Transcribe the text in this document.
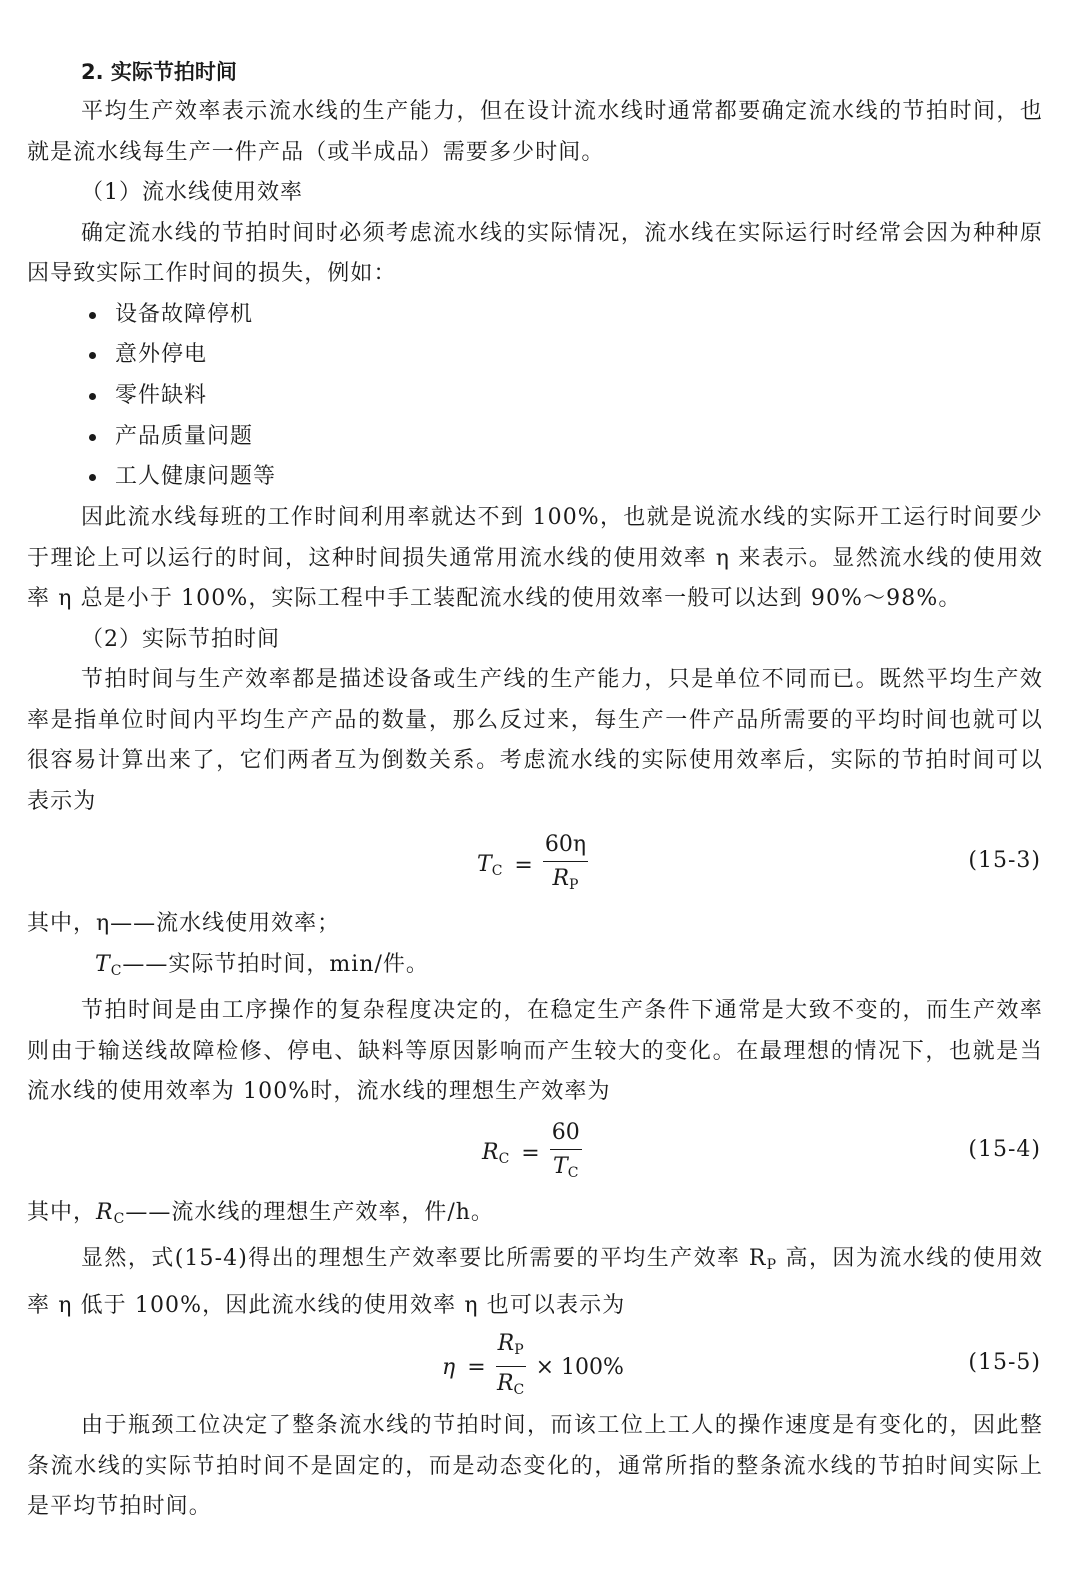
2. 实际节拍时间

平均生产效率表示流水线的生产能力，但在设计流水线时通常都要确定流水线的节拍时间，也就是流水线每生产一件产品（或半成品）需要多少时间。

（1）流水线使用效率

确定流水线的节拍时间时必须考虑流水线的实际情况，流水线在实际运行时经常会因为种种原因导致实际工作时间的损失，例如：

设备故障停机

意外停电

零件缺料

产品质量问题

工人健康问题等

因此流水线每班的工作时间利用率就达不到 100%，也就是说流水线的实际开工运行时间要少于理论上可以运行的时间，这种时间损失通常用流水线的使用效率 η 来表示。显然流水线的使用效率 η 总是小于 100%，实际工程中手工装配流水线的使用效率一般可以达到 90%～98%。

（2）实际节拍时间

节拍时间与生产效率都是描述设备或生产线的生产能力，只是单位不同而已。既然平均生产效率是指单位时间内平均生产产品的数量，那么反过来，每生产一件产品所需要的平均时间也就可以很容易计算出来了，它们两者互为倒数关系。考虑流水线的实际使用效率后，实际的节拍时间可以表示为

$T_C = \frac{60\eta}{R_P}$	(15-3)

其中，η——流水线使用效率；

$T_C——$实际节拍时间，min/件。

节拍时间是由工序操作的复杂程度决定的，在稳定生产条件下通常是大致不变的，而生产效率则由于输送线故障检修、停电、缺料等原因影响而产生较大的变化。在最理想的情况下，也就是当流水线的使用效率为 100%时，流水线的理想生产效率为

$R_C = \frac{60}{T_C}$	(15-4)

其中，$R_C——$流水线的理想生产效率，件/h。

显然，式(15-4)得出的理想生产效率要比所需要的平均生产效率 $R_P$ 高，因为流水线的使用效率 η 低于 100%，因此流水线的使用效率 η 也可以表示为

$\eta = \frac{R_P}{R_C} \times 100\%$	(15-5)

由于瓶颈工位决定了整条流水线的节拍时间，而该工位上工人的操作速度是有变化的，因此整条流水线的实际节拍时间不是固定的，而是动态变化的，通常所指的整条流水线的节拍时间实际上是平均节拍时间。
